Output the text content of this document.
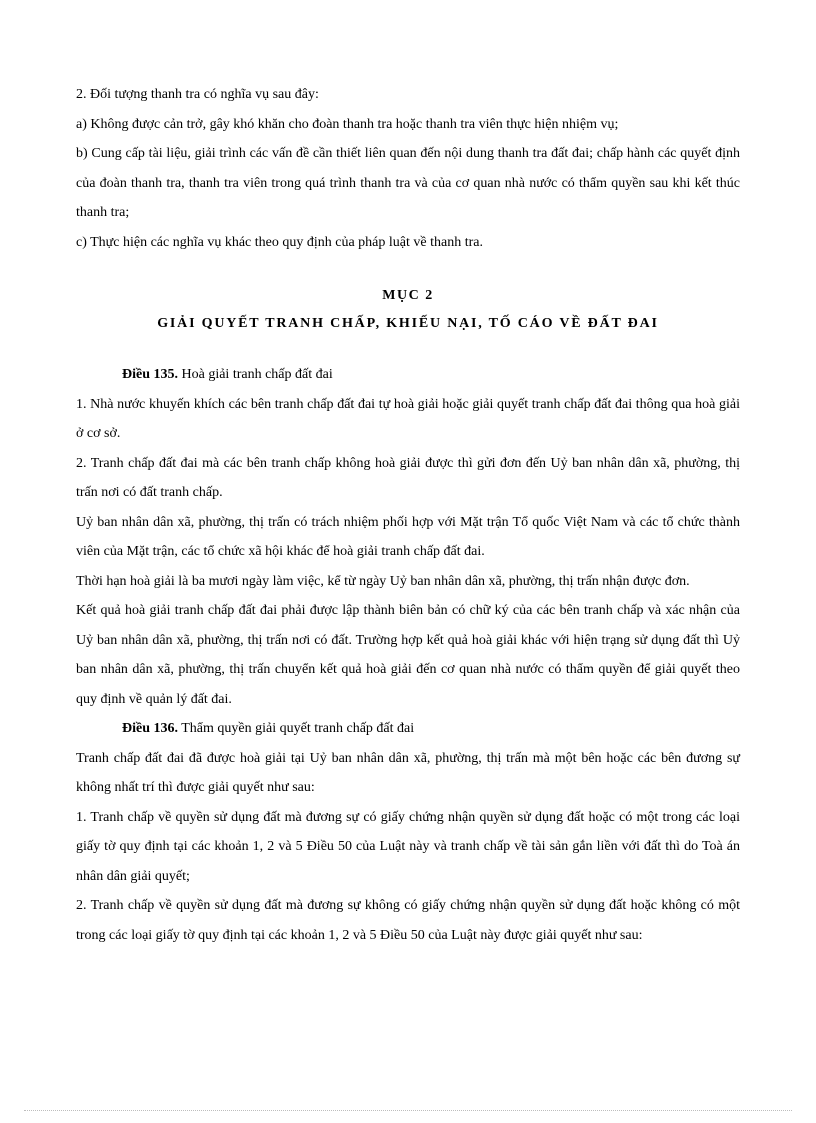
2. Đối tượng thanh tra có nghĩa vụ sau đây:

a) Không được cản trở, gây khó khăn cho đoàn thanh tra hoặc thanh tra viên thực hiện nhiệm vụ;

b) Cung cấp tài liệu, giải trình các vấn đề cần thiết liên quan đến nội dung thanh tra đất đai; chấp hành các quyết định của đoàn thanh tra, thanh tra viên trong quá trình thanh tra và của cơ quan nhà nước có thẩm quyền sau khi kết thúc thanh tra;

c) Thực hiện các nghĩa vụ khác theo quy định của pháp luật về thanh tra.

MỤC 2
GIẢI QUYẾT TRANH CHẤP, KHIẾU NẠI, TỐ CÁO VỀ ĐẤT ĐAI

Điều 135. Hoà giải tranh chấp đất đai

1. Nhà nước khuyến khích các bên tranh chấp đất đai tự hoà giải hoặc giải quyết tranh chấp đất đai thông qua hoà giải ở cơ sở.

2. Tranh chấp đất đai mà các bên tranh chấp không hoà giải được thì gửi đơn đến Uỷ ban nhân dân xã, phường, thị trấn nơi có đất tranh chấp.

Uỷ ban nhân dân xã, phường, thị trấn có trách nhiệm phối hợp với Mặt trận Tổ quốc Việt Nam và các tổ chức thành viên của Mặt trận, các tổ chức xã hội khác để hoà giải tranh chấp đất đai.

Thời hạn hoà giải là ba mươi ngày làm việc, kể từ ngày Uỷ ban nhân dân xã, phường, thị trấn nhận được đơn.

Kết quả hoà giải tranh chấp đất đai phải được lập thành biên bản có chữ ký của các bên tranh chấp và xác nhận của Uỷ ban nhân dân xã, phường, thị trấn nơi có đất. Trường hợp kết quả hoà giải khác với hiện trạng sử dụng đất thì Uỷ ban nhân dân xã, phường, thị trấn chuyển kết quả hoà giải đến cơ quan nhà nước có thẩm quyền để giải quyết theo quy định về quản lý đất đai.

Điều 136. Thẩm quyền giải quyết tranh chấp đất đai

Tranh chấp đất đai đã được hoà giải tại Uỷ ban nhân dân xã, phường, thị trấn mà một bên hoặc các bên đương sự không nhất trí thì được giải quyết như sau:

1. Tranh chấp về quyền sử dụng đất mà đương sự có giấy chứng nhận quyền sử dụng đất hoặc có một trong các loại giấy tờ quy định tại các khoản 1, 2 và 5 Điều 50 của Luật này và tranh chấp về tài sản gắn liền với đất thì do Toà án nhân dân giải quyết;

2. Tranh chấp về quyền sử dụng đất mà đương sự không có giấy chứng nhận quyền sử dụng đất hoặc không có một trong các loại giấy tờ quy định tại các khoản 1, 2 và 5 Điều 50 của Luật này được giải quyết như sau:
